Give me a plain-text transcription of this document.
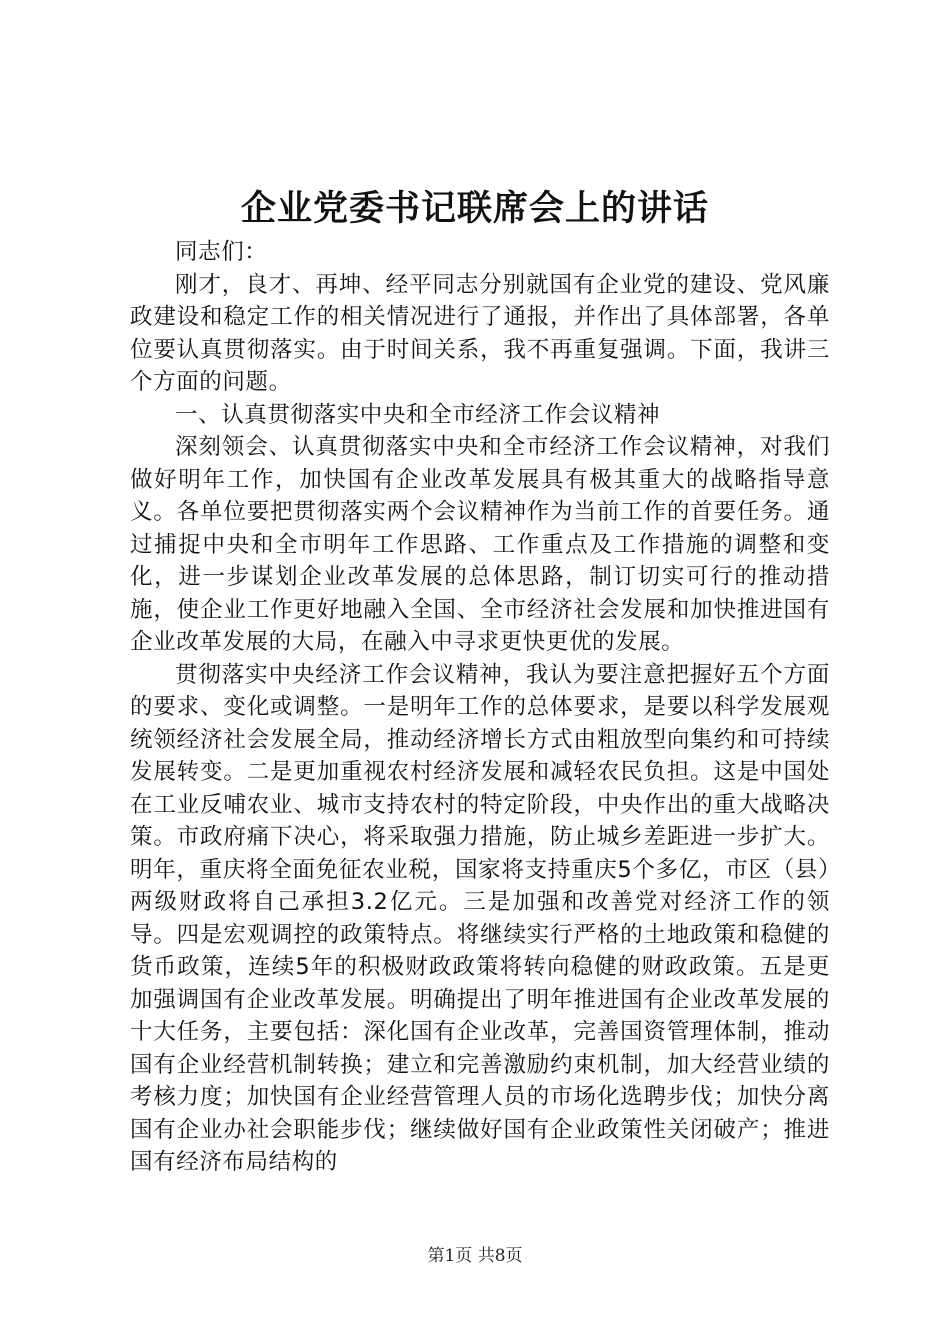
企业党委书记联席会上的讲话

同志们：

刚才，良才、再坤、经平同志分别就国有企业党的建设、党风廉政建设和稳定工作的相关情况进行了通报，并作出了具体部署，各单位要认真贯彻落实。由于时间关系，我不再重复强调。下面，我讲三个方面的问题。

一、认真贯彻落实中央和全市经济工作会议精神

深刻领会、认真贯彻落实中央和全市经济工作会议精神，对我们做好明年工作，加快国有企业改革发展具有极其重大的战略指导意义。各单位要把贯彻落实两个会议精神作为当前工作的首要任务。通过捕捉中央和全市明年工作思路、工作重点及工作措施的调整和变化，进一步谋划企业改革发展的总体思路，制订切实可行的推动措施，使企业工作更好地融入全国、全市经济社会发展和加快推进国有企业改革发展的大局，在融入中寻求更快更优的发展。

贯彻落实中央经济工作会议精神，我认为要注意把握好五个方面的要求、变化或调整。一是明年工作的总体要求，是要以科学发展观统领经济社会发展全局，推动经济增长方式由粗放型向集约和可持续发展转变。二是更加重视农村经济发展和减轻农民负担。这是中国处在工业反哺农业、城市支持农村的特定阶段，中央作出的重大战略决策。市政府痛下决心，将采取强力措施，防止城乡差距进一步扩大。明年，重庆将全面免征农业税，国家将支持重庆5个多亿，市区（县）两级财政将自己承担3.2亿元。三是加强和改善党对经济工作的领导。四是宏观调控的政策特点。将继续实行严格的土地政策和稳健的货币政策，连续5年的积极财政政策将转向稳健的财政政策。五是更加强调国有企业改革发展。明确提出了明年推进国有企业改革发展的十大任务，主要包括：深化国有企业改革，完善国资管理体制，推动国有企业经营机制转换；建立和完善激励约束机制，加大经营业绩的考核力度；加快国有企业经营管理人员的市场化选聘步伐；加快分离国有企业办社会职能步伐；继续做好国有企业政策性关闭破产；推进国有经济布局结构的

第1页 共8页
